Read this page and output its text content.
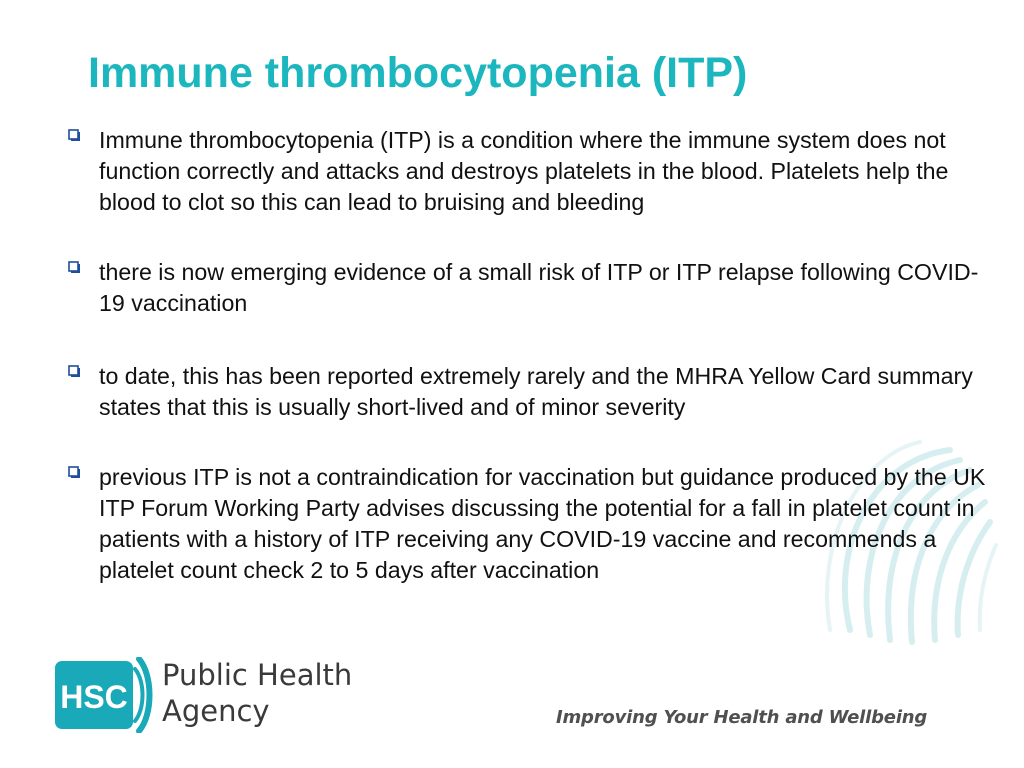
Immune thrombocytopenia (ITP)
Immune thrombocytopenia (ITP) is a condition where the immune system does not function correctly and attacks and destroys platelets in the blood. Platelets help the blood to clot so this can lead to bruising and bleeding
there is now emerging evidence of a small risk of ITP or ITP relapse following COVID-19 vaccination
to date, this has been reported extremely rarely and the MHRA Yellow Card summary states that this is usually short-lived and of minor severity
previous ITP is not a contraindication for vaccination but guidance produced by the UK ITP Forum Working Party advises discussing the potential for a fall in platelet count in patients with a history of ITP receiving any COVID-19 vaccine and recommends a platelet count check 2 to 5 days after vaccination
HSC
Public Health
Agency	Improving Your Health and Wellbeing
